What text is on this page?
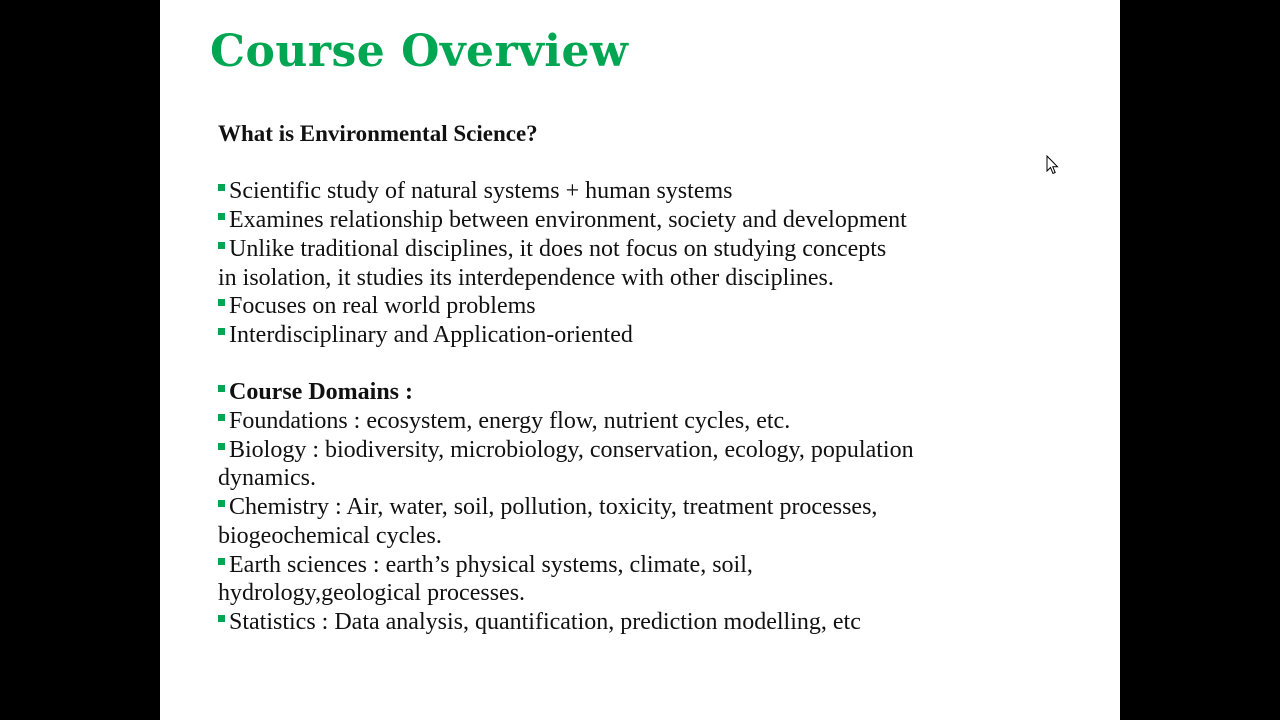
Course Overview
What is Environmental Science?
Scientific study of natural systems + human systems
Examines relationship between environment, society and development
Unlike traditional disciplines, it does not focus on studying concepts
in isolation, it studies its interdependence with other disciplines.
Focuses on real world problems
Interdisciplinary and Application-oriented
Course Domains :
Foundations : ecosystem, energy flow, nutrient cycles, etc.
Biology : biodiversity, microbiology, conservation, ecology, population
dynamics.
Chemistry : Air, water, soil, pollution, toxicity, treatment processes,
biogeochemical cycles.
Earth sciences : earth’s physical systems, climate, soil,
hydrology,geological processes.
Statistics : Data analysis, quantification, prediction modelling, etc
